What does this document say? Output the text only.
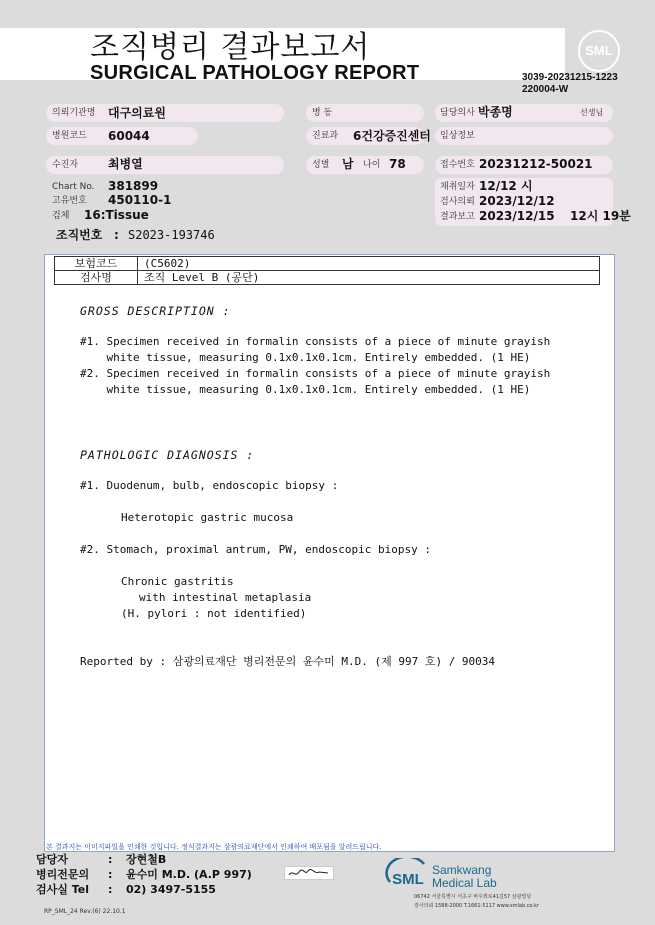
조직병리 결과보고서
SURGICAL PATHOLOGY REPORT
SML
3039-20231215-1223
220004-W
의뢰기관명 대구의료원	병 동	담당의사 박종명	선생님
병원코드 60044	진료과 6건강증진센터 임상정보
수진자 최병열	성별 남 나이 78	접수번호 20231212-50021
Chart No. 381899
고유번호 450110-1
검체 16:Tissue
채취일자 12/12 시
검사의뢰 2023/12/12
결과보고 2023/12/15 12시 19분
조직번호 : S2023-193746
보험코드	(C5602)
검사명	조직 Level B (공단)
GROSS DESCRIPTION :
#1. Specimen received in formalin consists of a piece of minute grayish
white tissue, measuring 0.1x0.1x0.1cm. Entirely embedded. (1 HE)
#2. Specimen received in formalin consists of a piece of minute grayish
white tissue, measuring 0.1x0.1x0.1cm. Entirely embedded. (1 HE)
PATHOLOGIC DIAGNOSIS :
#1. Duodenum, bulb, endoscopic biopsy :
Heterotopic gastric mucosa
#2. Stomach, proximal antrum, PW, endoscopic biopsy :
Chronic gastritis
with intestinal metaplasia
(H. pylori : not identified)
Reported by : 삼광의료재단 병리전문의 윤수미 M.D. (제 997 호) / 90034
본 결과지는 이미지파일을 인쇄한 것입니다. 정식결과지는 삼광의료재단에서 인쇄하여 배포됨을 알려드립니다.
담당자	: 장현철B
병리전문의 : 윤수미 M.D. (A.P 997)
검사실 Tel : 02) 3497-5155
SML
Samkwang
Medical Lab
06742 서울특별시 서초구 바우뫼로41길57 삼광빌딩
검사의뢰 1588-2000 T.1661-5117 www.smlab.co.kr
RP_SML_24 Rev.(6) 22.10.1
